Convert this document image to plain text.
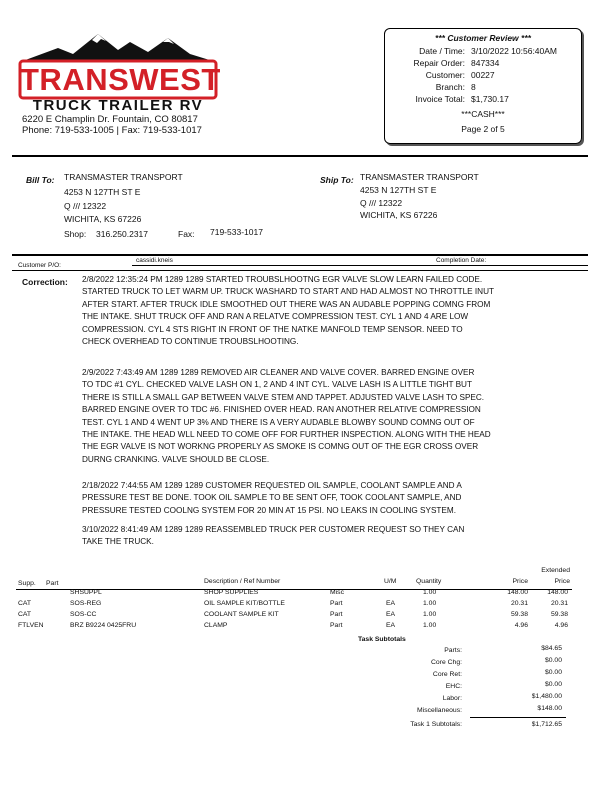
TRANSWEST
TRUCK TRAILER RV
6220 E Champlin Dr. Fountain, CO 80817
Phone: 719-533-1005 | Fax: 719-533-1017
*** Customer Review ***
Date / Time: 3/10/2022 10:56:40AM
Repair Order: 847334
Customer: 00227
Branch: 8
Invoice Total: $1,730.17
***CASH***
Page 2 of 5
Bill To: TRANSMASTER TRANSPORT
4253 N 127TH ST E
Q /// 12322
WICHITA, KS 67226
Shop: 316.250.2317	Fax: 719-533-1017
Ship To: TRANSMASTER TRANSPORT
4253 N 127TH ST E
Q /// 12322
WICHITA, KS 67226
Customer P/O:
cassidi.kneis	Completion Date:
Correction: 2/8/2022 12:35:24 PM 1289 1289 STARTED TROUBSLHOOTNG EGR VALVE SLOW LEARN FAILED CODE.
STARTED TRUCK TO LET WARM UP. TRUCK WASHARD TO START AND HAD ALMOST NO THROTTLE INUT
AFTER START. AFTER TRUCK IDLE SMOOTHED OUT THERE WAS AN AUDABLE POPPING COMNG FROM
THE INTAKE. SHUT TRUCK OFF AND RAN A RELATVE COMPRESSION TEST. CYL 1 AND 4 ARE LOW
COMPRESSION. CYL 4 STS RIGHT IN FRONT OF THE NATKE MANFOLD TEMP SENSOR. NEED TO
CHECK OVERHEAD TO CONTINUE TROUBSLHOOTING.
2/9/2022 7:43:49 AM 1289 1289 REMOVED AIR CLEANER AND VALVE COVER. BARRED ENGINE OVER
TO TDC #1 CYL. CHECKED VALVE LASH ON 1, 2 AND 4 INT CYL. VALVE LASH IS A LITTLE TIGHT BUT
THERE IS STILL A SMALL GAP BETWEEN VALVE STEM AND TAPPET. ADJUSTED VALVE LASH TO SPEC.
BARRED ENGINE OVER TO TDC #6. FINISHED OVER HEAD. RAN ANOTHER RELATIVE COMPRESSION
TEST. CYL 1 AND 4 WENT UP 3% AND THERE IS A VERY AUDABLE BLOWBY SOUND COMNG OUT OF
THE INTAKE. THE HEAD WLL NEED TO COME OFF FOR FURTHER INSPECTION. ALONG WITH THE HEAD
THE EGR VALVE IS NOT WORKNG PROPERLY AS SMOKE IS COMNG OUT OF THE EGR CROSS OVER
DURNG CRANKING. VALVE SHOULD BE CLOSE.
2/18/2022 7:44:55 AM 1289 1289 CUSTOMER REQUESTED OIL SAMPLE, COOLANT SAMPLE AND A
PRESSURE TEST BE DONE. TOOK OIL SAMPLE TO BE SENT OFF, TOOK COOLANT SAMPLE, AND
PRESSURE TESTED COOLNG SYSTEM FOR 20 MIN AT 15 PSI. NO LEAKS IN COOLING SYSTEM.
3/10/2022 8:41:49 AM 1289 1289 REASSEMBLED TRUCK PER CUSTOMER REQUEST SO THEY CAN
TAKE THE TRUCK.
Extended
Supp. Part	Description / Ref Number	U/M	Quantity	Price	Price
SHSUPPL	SHOP SUPPLIES	Misc	1.00	148.00	148.00
CAT	SOS-REG	OIL SAMPLE KIT/BOTTLE	Part	EA	1.00	20.31	20.31
CAT	SOS-CC	COOLANT SAMPLE KIT	Part	EA	1.00	59.38	59.38
FTLVEN	BRZ B9224 0425FRU	CLAMP	Part	EA	1.00	4.96	4.96
Task Subtotals
Parts:	$84.65
Core Chg:	$0.00
Core Ret:	$0.00
EHC:	$0.00
Labor:	$1,480.00
Miscellaneous:	$148.00
Task 1 Subtotals:	$1,712.65
